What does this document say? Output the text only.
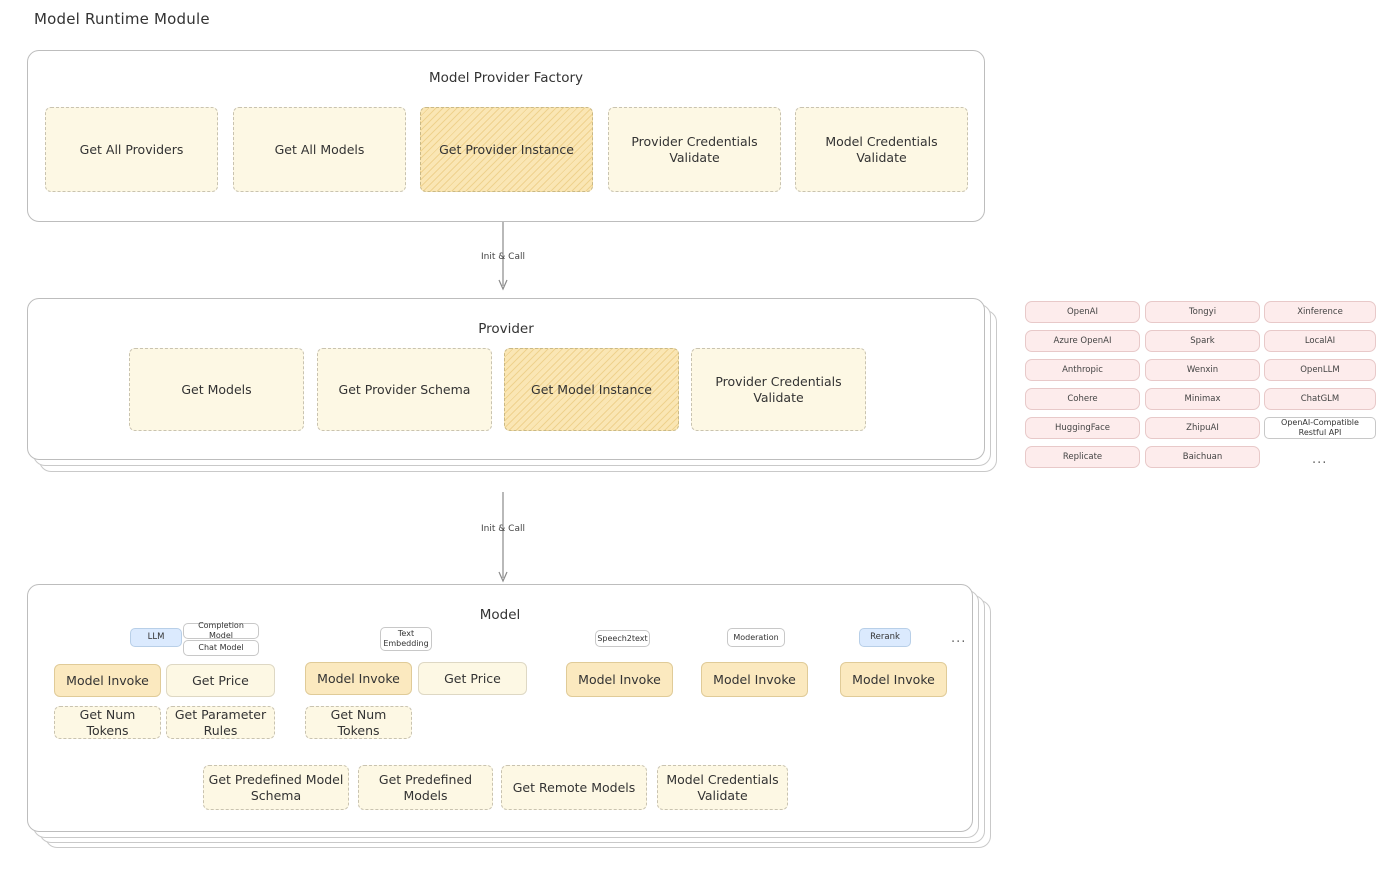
Model Runtime Module
Model Provider Factory
Get All Providers	Get All Models	Get Provider Instance
Provider Credentials Validate
Model Credentials Validate
Init & Call
Provider
Get Models	Get Provider Schema	Get Model Instance
Provider Credentials Validate
OpenAI
Azure OpenAI
Anthropic
Cohere
HuggingFace
Replicate
Tongyi
Spark
Wenxin
Minimax
ZhipuAI
Baichuan
Xinference
LocalAI
OpenLLM
ChatGLM
OpenAI-Compatible Restful API
...
Init & Call
Model
LLM
Completion Model
Chat Model
Text Embedding
Speech2text	Moderation	Rerank	...
Model Invoke	Get Price
Get Num Tokens
Get Parameter Rules
Model Invoke	Get Price
Get Num Tokens
Model Invoke	Model Invoke	Model Invoke
Get Predefined Model Schema
Get Predefined Models
Get Remote Models
Model Credentials Validate
